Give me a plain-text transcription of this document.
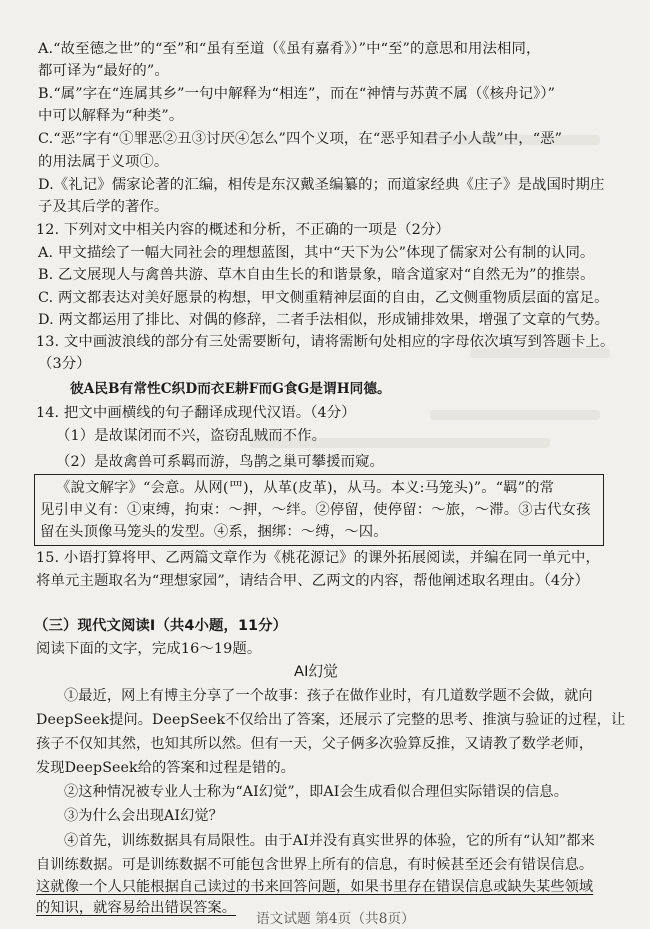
A.“故至德之世”的“至”和“虽有至道（《虽有嘉肴》）”中“至”的意思和用法相同，
都可译为“最好的”。
B.“属”字在“连属其乡”一句中解释为“相连”，而在“神情与苏黄不属（《核舟记》）”
中可以解释为“种类”。
C.“恶”字有“①罪恶②丑③讨厌④怎么”四个义项，在“恶乎知君子小人哉”中，“恶”
的用法属于义项①。
D.《礼记》儒家论著的汇编，相传是东汉戴圣编纂的；而道家经典《庄子》是战国时期庄
子及其后学的著作。
12. 下列对文中相关内容的概述和分析，不正确的一项是（2分）
A. 甲文描绘了一幅大同社会的理想蓝图，其中“天下为公”体现了儒家对公有制的认同。
B. 乙文展现人与禽兽共游、草木自由生长的和谐景象，暗含道家对“自然无为”的推崇。
C. 两文都表达对美好愿景的构想，甲文侧重精神层面的自由，乙文侧重物质层面的富足。
D. 两文都运用了排比、对偶的修辞，二者手法相似，形成铺排效果，增强了文章的气势。
13. 文中画波浪线的部分有三处需要断句，请将需断句处相应的字母依次填写到答题卡上。
（3分）
彼A民B有常性C织D而衣E耕F而G食G是谓H同德。
14. 把文中画横线的句子翻译成现代汉语。（4分）
（1）是故谋闭而不兴，盗窃乱贼而不作。
（2）是故禽兽可系羁而游，鸟鹊之巢可攀援而窥。
《說文解字》“会意。从网(罒)，从革(皮革)，从马。本义:马笼头)”。“羁”的常
见引申义有：①束缚，拘束：～押，～绊。②停留，使停留：～旅，～滞。③古代女孩
留在头顶像马笼头的发型。④系，捆绑：～缚，～囚。
15. 小语打算将甲、乙两篇文章作为《桃花源记》的课外拓展阅读，并编在同一单元中，
将单元主题取名为“理想家园”，请结合甲、乙两文的内容，帮他阐述取名理由。（4分）
（三）现代文阅读Ⅰ（共4小题，11分）
阅读下面的文字，完成16～19题。
AI幻觉
①最近，网上有博主分享了一个故事：孩子在做作业时，有几道数学题不会做，就向
DeepSeek提问。DeepSeek不仅给出了答案，还展示了完整的思考、推演与验证的过程，让
孩子不仅知其然，也知其所以然。但有一天，父子俩多次验算反推，又请教了数学老师，
发现DeepSeek给的答案和过程是错的。
②这种情况被专业人士称为“AI幻觉”，即AI会生成看似合理但实际错误的信息。
③为什么会出现AI幻觉？
④首先，训练数据具有局限性。由于AI并没有真实世界的体验，它的所有“认知”都来
自训练数据。可是训练数据不可能包含世界上所有的信息，有时候甚至还会有错误信息。
这就像一个人只能根据自己读过的书来回答问题，如果书里存在错误信息或缺失某些领域
的知识，就容易给出错误答案。
语文试题 第4页（共8页）
